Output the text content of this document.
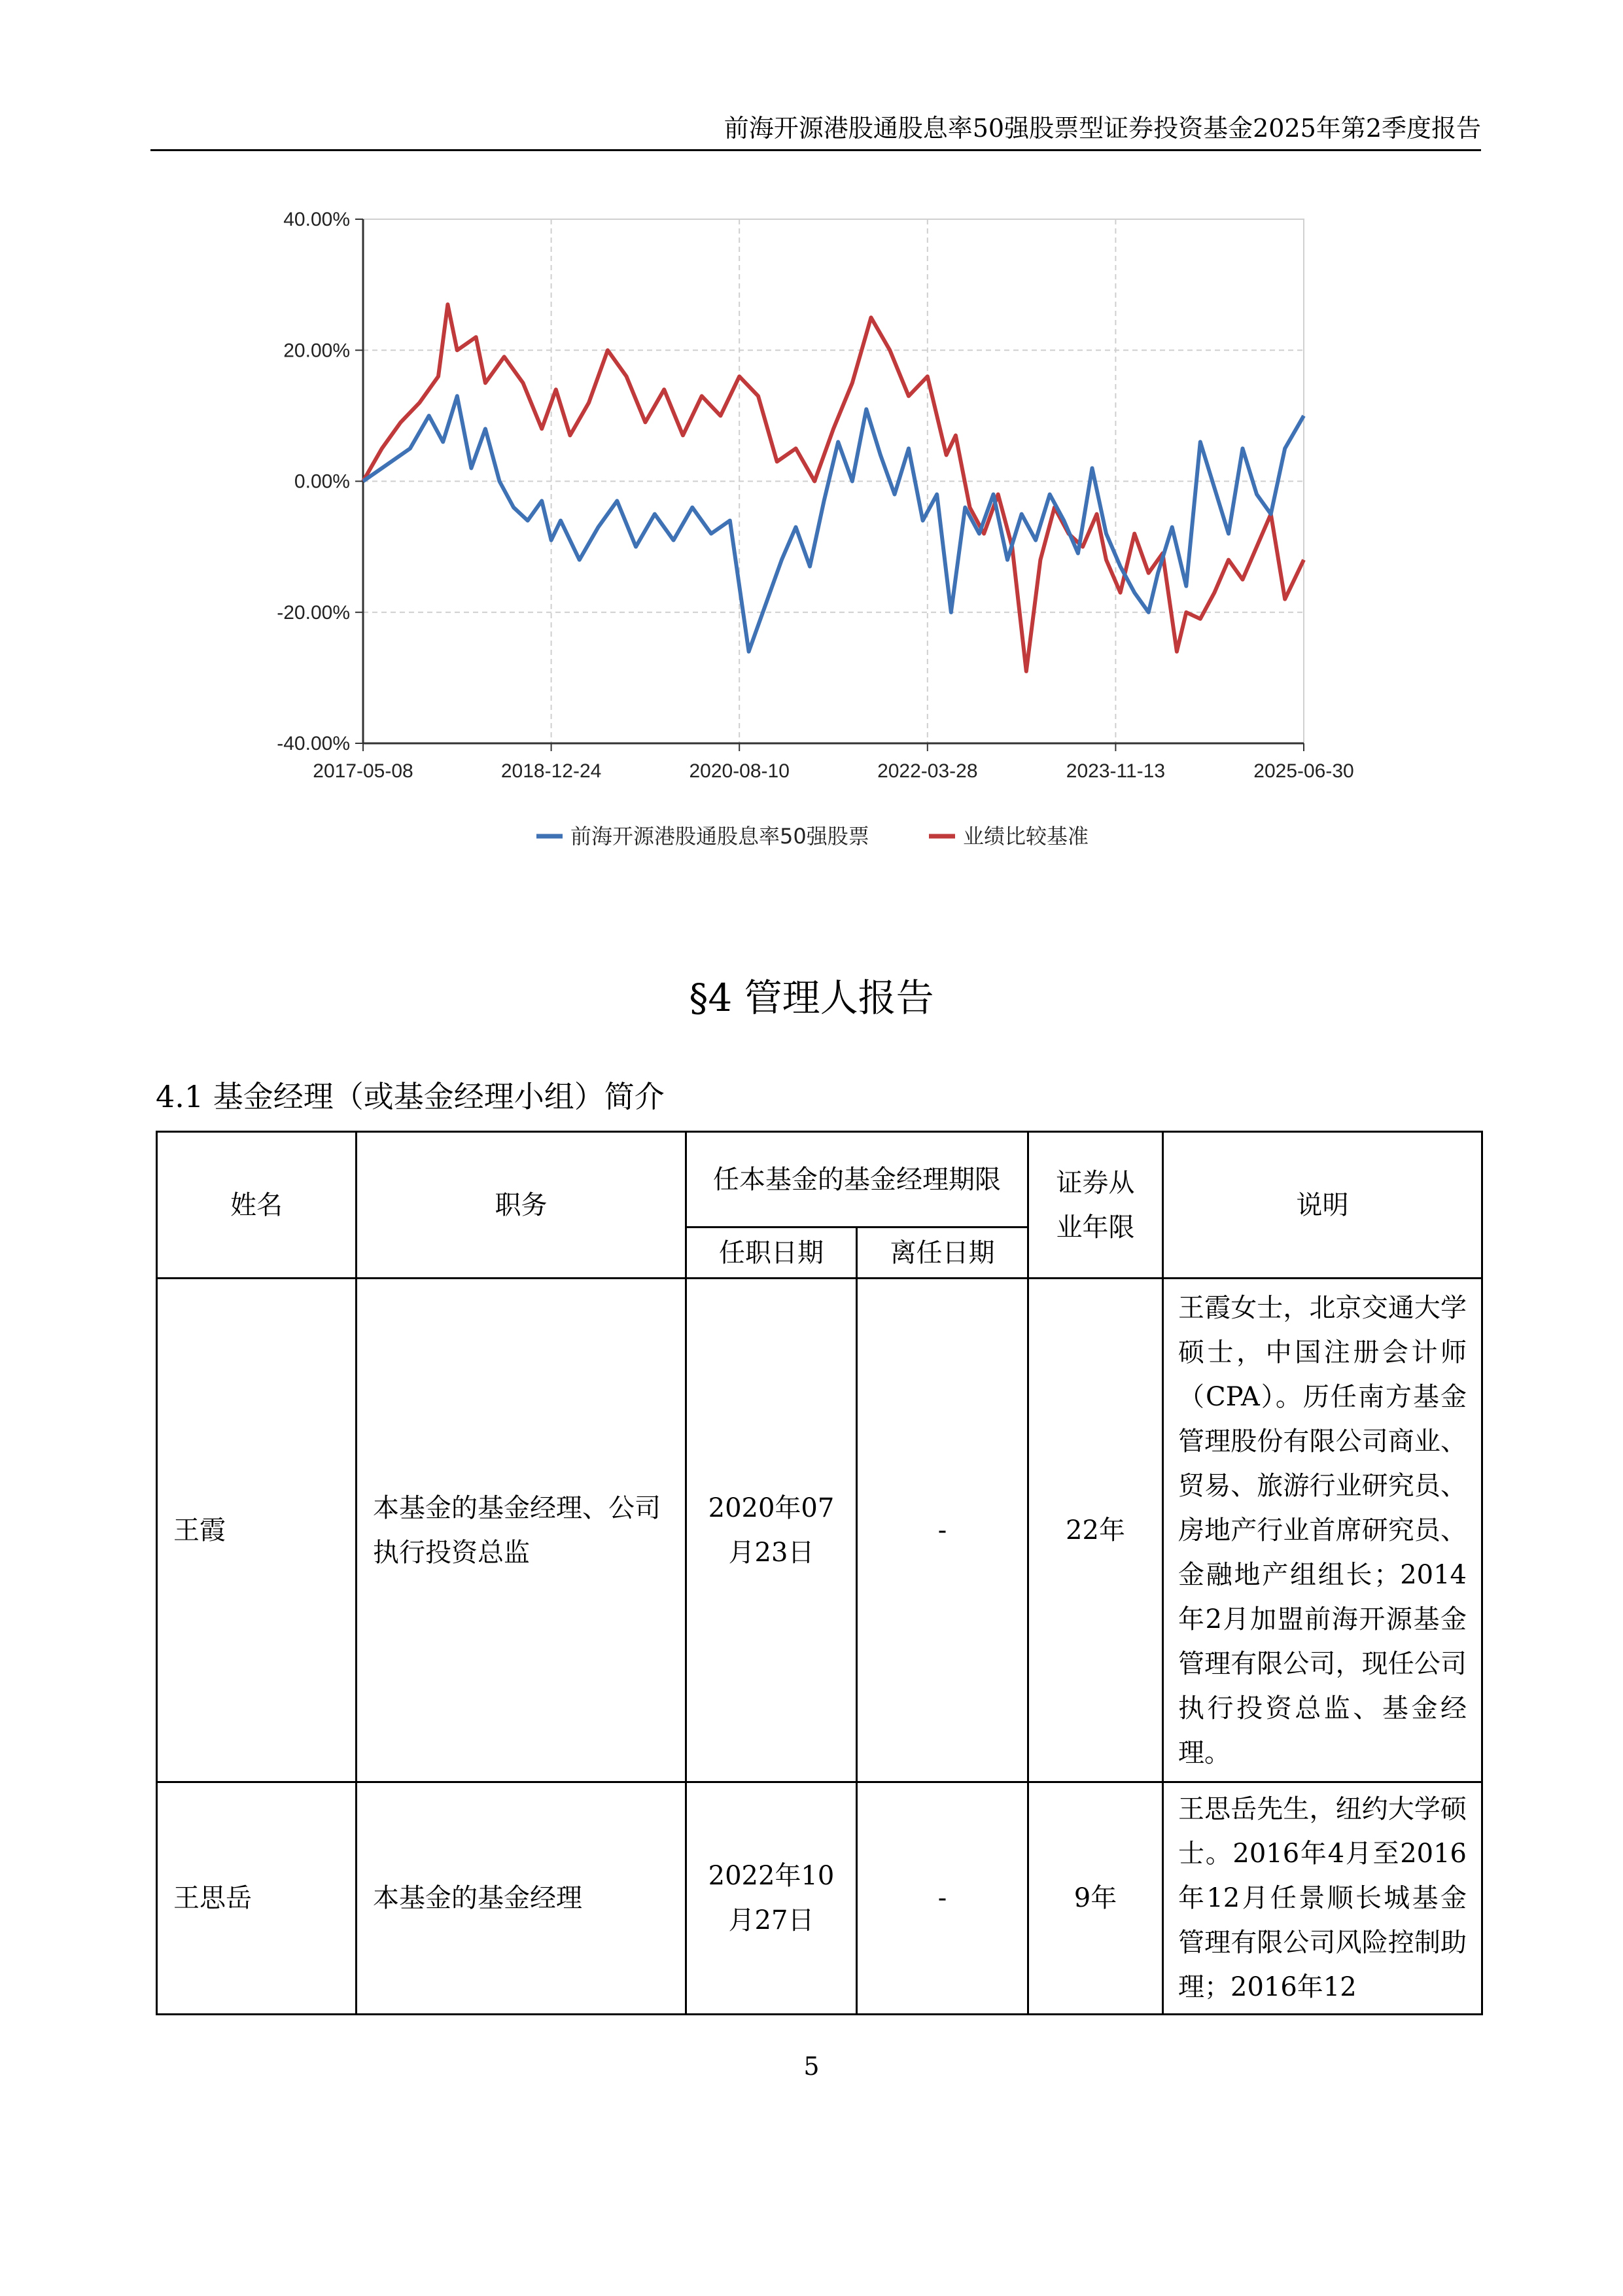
前海开源港股通股息率50强股票型证券投资基金2025年第2季度报告
40.00%
20.00%
0.00%
-20.00%
-40.00%
2017-05-08	2018-12-24	2020-08-10	2022-03-28	2023-11-13	2025-06-30
前海开源港股通股息率50强股票	业绩比较基准
§4 管理人报告
4.1 基金经理（或基金经理小组）简介
姓名	职务	任本基金的基金经理期限		证券从业年限	说明
		任职日期	离任日期		
王霞	本基金的基金经理、公司执行投资总监	2020年07月23日	-	22年	王霞女士，北京交通大学硕士，中国注册会计师（CPA）。历任南方基金管理股份有限公司商业、贸易、旅游行业研究员、房地产行业首席研究员、金融地产组组长；2014年2月加盟前海开源基金管理有限公司，现任公司执行投资总监、基金经理。
王思岳	本基金的基金经理	2022年10月27日	-	9年	王思岳先生，纽约大学硕士。2016年4月至2016年12月任景顺长城基金管理有限公司风险控制助理；2016年12
5
